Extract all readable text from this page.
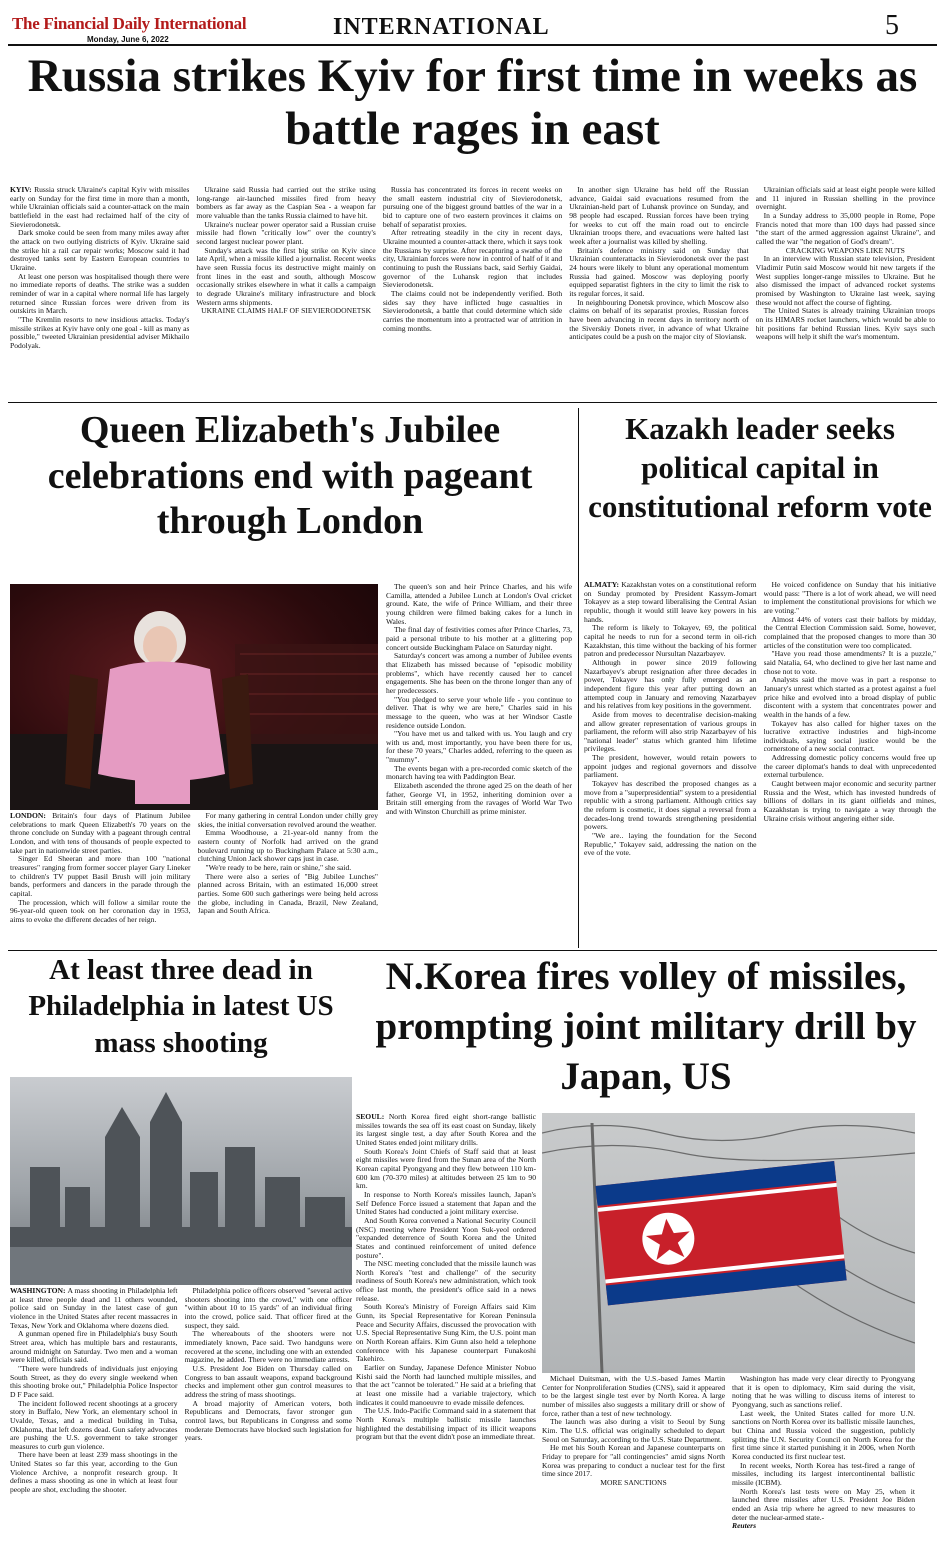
The Financial Daily International
Monday, June 6, 2022	INTERNATIONAL	5
Russia strikes Kyiv for first time in weeks as battle rages in east

KYIV: Russia struck Ukraine's capital Kyiv with missiles early on Sunday for the first time in more than a month, while Ukrainian officials said a counter-attack on the main battlefield in the east had reclaimed half of the city of Sievierodonetsk.

Dark smoke could be seen from many miles away after the attack on two outlying districts of Kyiv. Ukraine said the strike hit a rail car repair works; Moscow said it had destroyed tanks sent by Eastern European countries to Ukraine.

At least one person was hospitalised though there were no immediate reports of deaths. The strike was a sudden reminder of war in a capital where normal life has largely returned since Russian forces were driven from its outskirts in March.

"The Kremlin resorts to new insidious attacks. Today's missile strikes at Kyiv have only one goal - kill as many as possible," tweeted Ukrainian presidential adviser Mikhailo Podolyak.

Ukraine said Russia had carried out the strike using long-range air-launched missiles fired from heavy bombers as far away as the Caspian Sea - a weapon far more valuable than the tanks Russia claimed to have hit.

Ukraine's nuclear power operator said a Russian cruise missile had flown "critically low" over the country's second largest nuclear power plant.

Sunday's attack was the first big strike on Kyiv since late April, when a missile killed a journalist. Recent weeks have seen Russia focus its destructive might mainly on front lines in the east and south, although Moscow occasionally strikes elsewhere in what it calls a campaign to degrade Ukraine's military infrastructure and block Western arms shipments.

UKRAINE CLAIMS HALF OF SIEVIERODONETSK

Russia has concentrated its forces in recent weeks on the small eastern industrial city of Sievierodonetsk, pursuing one of the biggest ground battles of the war in a bid to capture one of two eastern provinces it claims on behalf of separatist proxies.

After retreating steadily in the city in recent days, Ukraine mounted a counter-attack there, which it says took the Russians by surprise. After recapturing a swathe of the city, Ukrainian forces were now in control of half of it and continuing to push the Russians back, said Serhiy Gaidai, governor of the Luhansk region that includes Sievierodonetsk.

The claims could not be independently verified. Both sides say they have inflicted huge casualties in Sievierodonetsk, a battle that could determine which side carries the momentum into a protracted war of attrition in coming months.

In another sign Ukraine has held off the Russian advance, Gaidai said evacuations resumed from the Ukrainian-held part of Luhansk province on Sunday, and 98 people had escaped. Russian forces have been trying for weeks to cut off the main road out to encircle Ukrainian troops there, and evacuations were halted last week after a journalist was killed by shelling.

Britain's defence ministry said on Sunday that Ukrainian counterattacks in Sievierodonetsk over the past 24 hours were likely to blunt any operational momentum Russia had gained. Moscow was deploying poorly equipped separatist fighters in the city to limit the risk to its regular forces, it said.

In neighbouring Donetsk province, which Moscow also claims on behalf of its separatist proxies, Russian forces have been advancing in recent days in territory north of the Siverskiy Donets river, in advance of what Ukraine anticipates could be a push on the major city of Sloviansk.

Ukrainian officials said at least eight people were killed and 11 injured in Russian shelling in the province overnight.

In a Sunday address to 35,000 people in Rome, Pope Francis noted that more than 100 days had passed since "the start of the armed aggression against Ukraine", and called the war "the negation of God's dream".

CRACKING WEAPONS LIKE NUTS

In an interview with Russian state television, President Vladimir Putin said Moscow would hit new targets if the West supplies longer-range missiles to Ukraine. But he also dismissed the impact of advanced rocket systems promised by Washington to Ukraine last week, saying these would not affect the course of fighting.

The United States is already training Ukrainian troops on its HIMARS rocket launchers, which would be able to hit positions far behind Russian lines. Kyiv says such weapons will help it shift the war's momentum.

Queen Elizabeth's Jubilee celebrations end with pageant through London

LONDON: Britain's four days of Platinum Jubilee celebrations to mark Queen Elizabeth's 70 years on the throne conclude on Sunday with a pageant through central London, and with tens of thousands of people expected to take part in nationwide street parties.

Singer Ed Sheeran and more than 100 "national treasures" ranging from former soccer player Gary Lineker to children's TV puppet Basil Brush will join military bands, performers and dancers in the parade through the capital.

The procession, which will follow a similar route the 96-year-old queen took on her coronation day in 1953, aims to evoke the different decades of her reign.

For many gathering in central London under chilly grey skies, the initial conversation revolved around the weather.

Emma Woodhouse, a 21-year-old nanny from the eastern county of Norfolk had arrived on the grand boulevard running up to Buckingham Palace at 5:30 a.m., clutching Union Jack shower caps just in case.

"We're ready to be here, rain or shine," she said.

There were also a series of "Big Jubilee Lunches" planned across Britain, with an estimated 16,000 street parties. Some 600 such gatherings were being held across the globe, including in Canada, Brazil, New Zealand, Japan and South Africa.

The queen's son and heir Prince Charles, and his wife Camilla, attended a Jubilee Lunch at London's Oval cricket ground. Kate, the wife of Prince William, and their three young children were filmed baking cakes for a lunch in Wales.

The final day of festivities comes after Prince Charles, 73, paid a personal tribute to his mother at a glittering pop concert outside Buckingham Palace on Saturday night.

Saturday's concert was among a number of Jubilee events that Elizabeth has missed because of "episodic mobility problems", which have recently caused her to cancel engagements. She has been on the throne longer than any of her predecessors.

"You pledged to serve your whole life - you continue to deliver. That is why we are here," Charles said in his message to the queen, who was at her Windsor Castle residence outside London.

"You have met us and talked with us. You laugh and cry with us and, most importantly, you have been there for us, for these 70 years," Charles added, referring to the queen as "mummy".

The events began with a pre-recorded comic sketch of the monarch having tea with Paddington Bear.

Elizabeth ascended the throne aged 25 on the death of her father, George VI, in 1952, inheriting dominion over a Britain still emerging from the ravages of World War Two and with Winston Churchill as prime minister.

Kazakh leader seeks political capital in constitutional reform vote

ALMATY: Kazakhstan votes on a constitutional reform on Sunday promoted by President Kassym-Jomart Tokayev as a step toward liberalising the Central Asian republic, though it would still leave key powers in his hands.

The reform is likely to Tokayev, 69, the political capital he needs to run for a second term in oil-rich Kazakhstan, this time without the backing of his former patron and predecessor Nursultan Nazarbayev.

Although in power since 2019 following Nazarbayev's abrupt resignation after three decades in power, Tokayev has only fully emerged as an independent figure this year after putting down an attempted coup in January and removing Nazarbayev and his relatives from key positions in the government.

Aside from moves to decentralise decision-making and allow greater representation of various groups in parliament, the reform will also strip Nazarbayev of his "national leader" status which granted him lifetime privileges.

The president, however, would retain powers to appoint judges and regional governors and dissolve parliament.

Tokayev has described the proposed changes as a move from a "superpresidential" system to a presidential republic with a strong parliament. Although critics say the reform is cosmetic, it does signal a reversal from a decades-long trend towards strengthening presidential powers.

"We are.. laying the foundation for the Second Republic," Tokayev said, addressing the nation on the eve of the vote.

He voiced confidence on Sunday that his initiative would pass: "There is a lot of work ahead, we will need to implement the constitutional provisions for which we are voting."

Almost 44% of voters cast their ballots by midday, the Central Election Commission said. Some, however, complained that the proposed changes to more than 30 articles of the constitution were too complicated.

"Have you read those amendments? It is a puzzle," said Natalia, 64, who declined to give her last name and chose not to vote.

Analysts said the move was in part a response to January's unrest which started as a protest against a fuel price hike and evolved into a broad display of public discontent with a system that concentrates power and wealth in the hands of a few.

Tokayev has also called for higher taxes on the lucrative extractive industries and high-income individuals, saying social justice would be the cornerstone of a new social contract.

Addressing domestic policy concerns would free up the career diplomat's hands to deal with unprecedented external turbulence.

Caught between major economic and security partner Russia and the West, which has invested hundreds of billions of dollars in its giant oilfields and mines, Kazakhstan is trying to navigate a way through the Ukraine crisis without angering either side.

At least three dead in Philadelphia in latest US mass shooting

WASHINGTON: A mass shooting in Philadelphia left at least three people dead and 11 others wounded, police said on Sunday in the latest case of gun violence in the United States after recent massacres in Texas, New York and Oklahoma where dozens died.

A gunman opened fire in Philadelphia's busy South Street area, which has multiple bars and restaurants, around midnight on Saturday. Two men and a woman were killed, officials said.

"There were hundreds of individuals just enjoying South Street, as they do every single weekend when this shooting broke out," Philadelphia Police Inspector D F Pace said.

The incident followed recent shootings at a grocery story in Buffalo, New York, an elementary school in Uvalde, Texas, and a medical building in Tulsa, Oklahoma, that left dozens dead. Gun safety advocates are pushing the U.S. government to take stronger measures to curb gun violence.

There have been at least 239 mass shootings in the United States so far this year, according to the Gun Violence Archive, a nonprofit research group. It defines a mass shooting as one in which at least four people are shot, excluding the shooter.

Philadelphia police officers observed "several active shooters shooting into the crowd," with one officer "within about 10 to 15 yards" of an individual firing into the crowd, police said. That officer fired at the suspect, they said.

The whereabouts of the shooters were not immediately known, Pace said. Two handguns were recovered at the scene, including one with an extended magazine, he added. There were no immediate arrests.

U.S. President Joe Biden on Thursday called on Congress to ban assault weapons, expand background checks and implement other gun control measures to address the string of mass shootings.

A broad majority of American voters, both Republicans and Democrats, favor stronger gun control laws, but Republicans in Congress and some moderate Democrats have blocked such legislation for years.

N.Korea fires volley of missiles, prompting joint military drill by Japan, US

SEOUL: North Korea fired eight short-range ballistic missiles towards the sea off its east coast on Sunday, likely its largest single test, a day after South Korea and the United States ended joint military drills.

South Korea's Joint Chiefs of Staff said that at least eight missiles were fired from the Sunan area of the North Korean capital Pyongyang and they flew between 110 km-600 km (70-370 miles) at altitudes between 25 km to 90 km.

In response to North Korea's missiles launch, Japan's Self Defence Force issued a statement that Japan and the United States had conducted a joint military exercise.

And South Korea convened a National Security Council (NSC) meeting where President Yoon Suk-yeol ordered "expanded deterrence of South Korea and the United States and continued reinforcement of united defence posture".

The NSC meeting concluded that the missile launch was North Korea's "test and challenge" of the security readiness of South Korea's new administration, which took office last month, the president's office said in a news release.

South Korea's Ministry of Foreign Affairs said Kim Gunn, its Special Representative for Korean Peninsula Peace and Security Affairs, discussed the provocation with U.S. Special Representative Sung Kim, the U.S. point man on North Korean affairs. Kim Gunn also held a telephone conference with his Japanese counterpart Funakoshi Takehiro.

Earlier on Sunday, Japanese Defence Minister Nobuo Kishi said the North had launched multiple missiles, and that the act "cannot be tolerated." He said at a briefing that at least one missile had a variable trajectory, which indicates it could manoeuvre to evade missile defences.

The U.S. Indo-Pacific Command said in a statement that North Korea's multiple ballistic missile launches highlighted the destabilising impact of its illicit weapons program but that the event didn't pose an immediate threat.

Michael Duitsman, with the U.S.-based James Martin Center for Nonproliferation Studies (CNS), said it appeared to be the largest single test ever by North Korea. A large number of missiles also suggests a military drill or show of force, rather than a test of new technology.

The launch was also during a visit to Seoul by Sung Kim. The U.S. official was originally scheduled to depart Seoul on Saturday, according to the U.S. State Department.

He met his South Korean and Japanese counterparts on Friday to prepare for "all contingencies" amid signs North Korea was preparing to conduct a nuclear test for the first time since 2017.

MORE SANCTIONS

Washington has made very clear directly to Pyongyang that it is open to diplomacy, Kim said during the visit, noting that he was willing to discuss items of interest to Pyongyang, such as sanctions relief.

Last week, the United States called for more U.N. sanctions on North Korea over its ballistic missile launches, but China and Russia voiced the suggestion, publicly splitting the U.N. Security Council on North Korea for the first time since it started punishing it in 2006, when North Korea conducted its first nuclear test.

In recent weeks, North Korea has test-fired a range of missiles, including its largest intercontinental ballistic missile (ICBM).

North Korea's last tests were on May 25, when it launched three missiles after U.S. President Joe Biden ended an Asia trip where he agreed to new measures to deter the nuclear-armed state.-

Reuters
